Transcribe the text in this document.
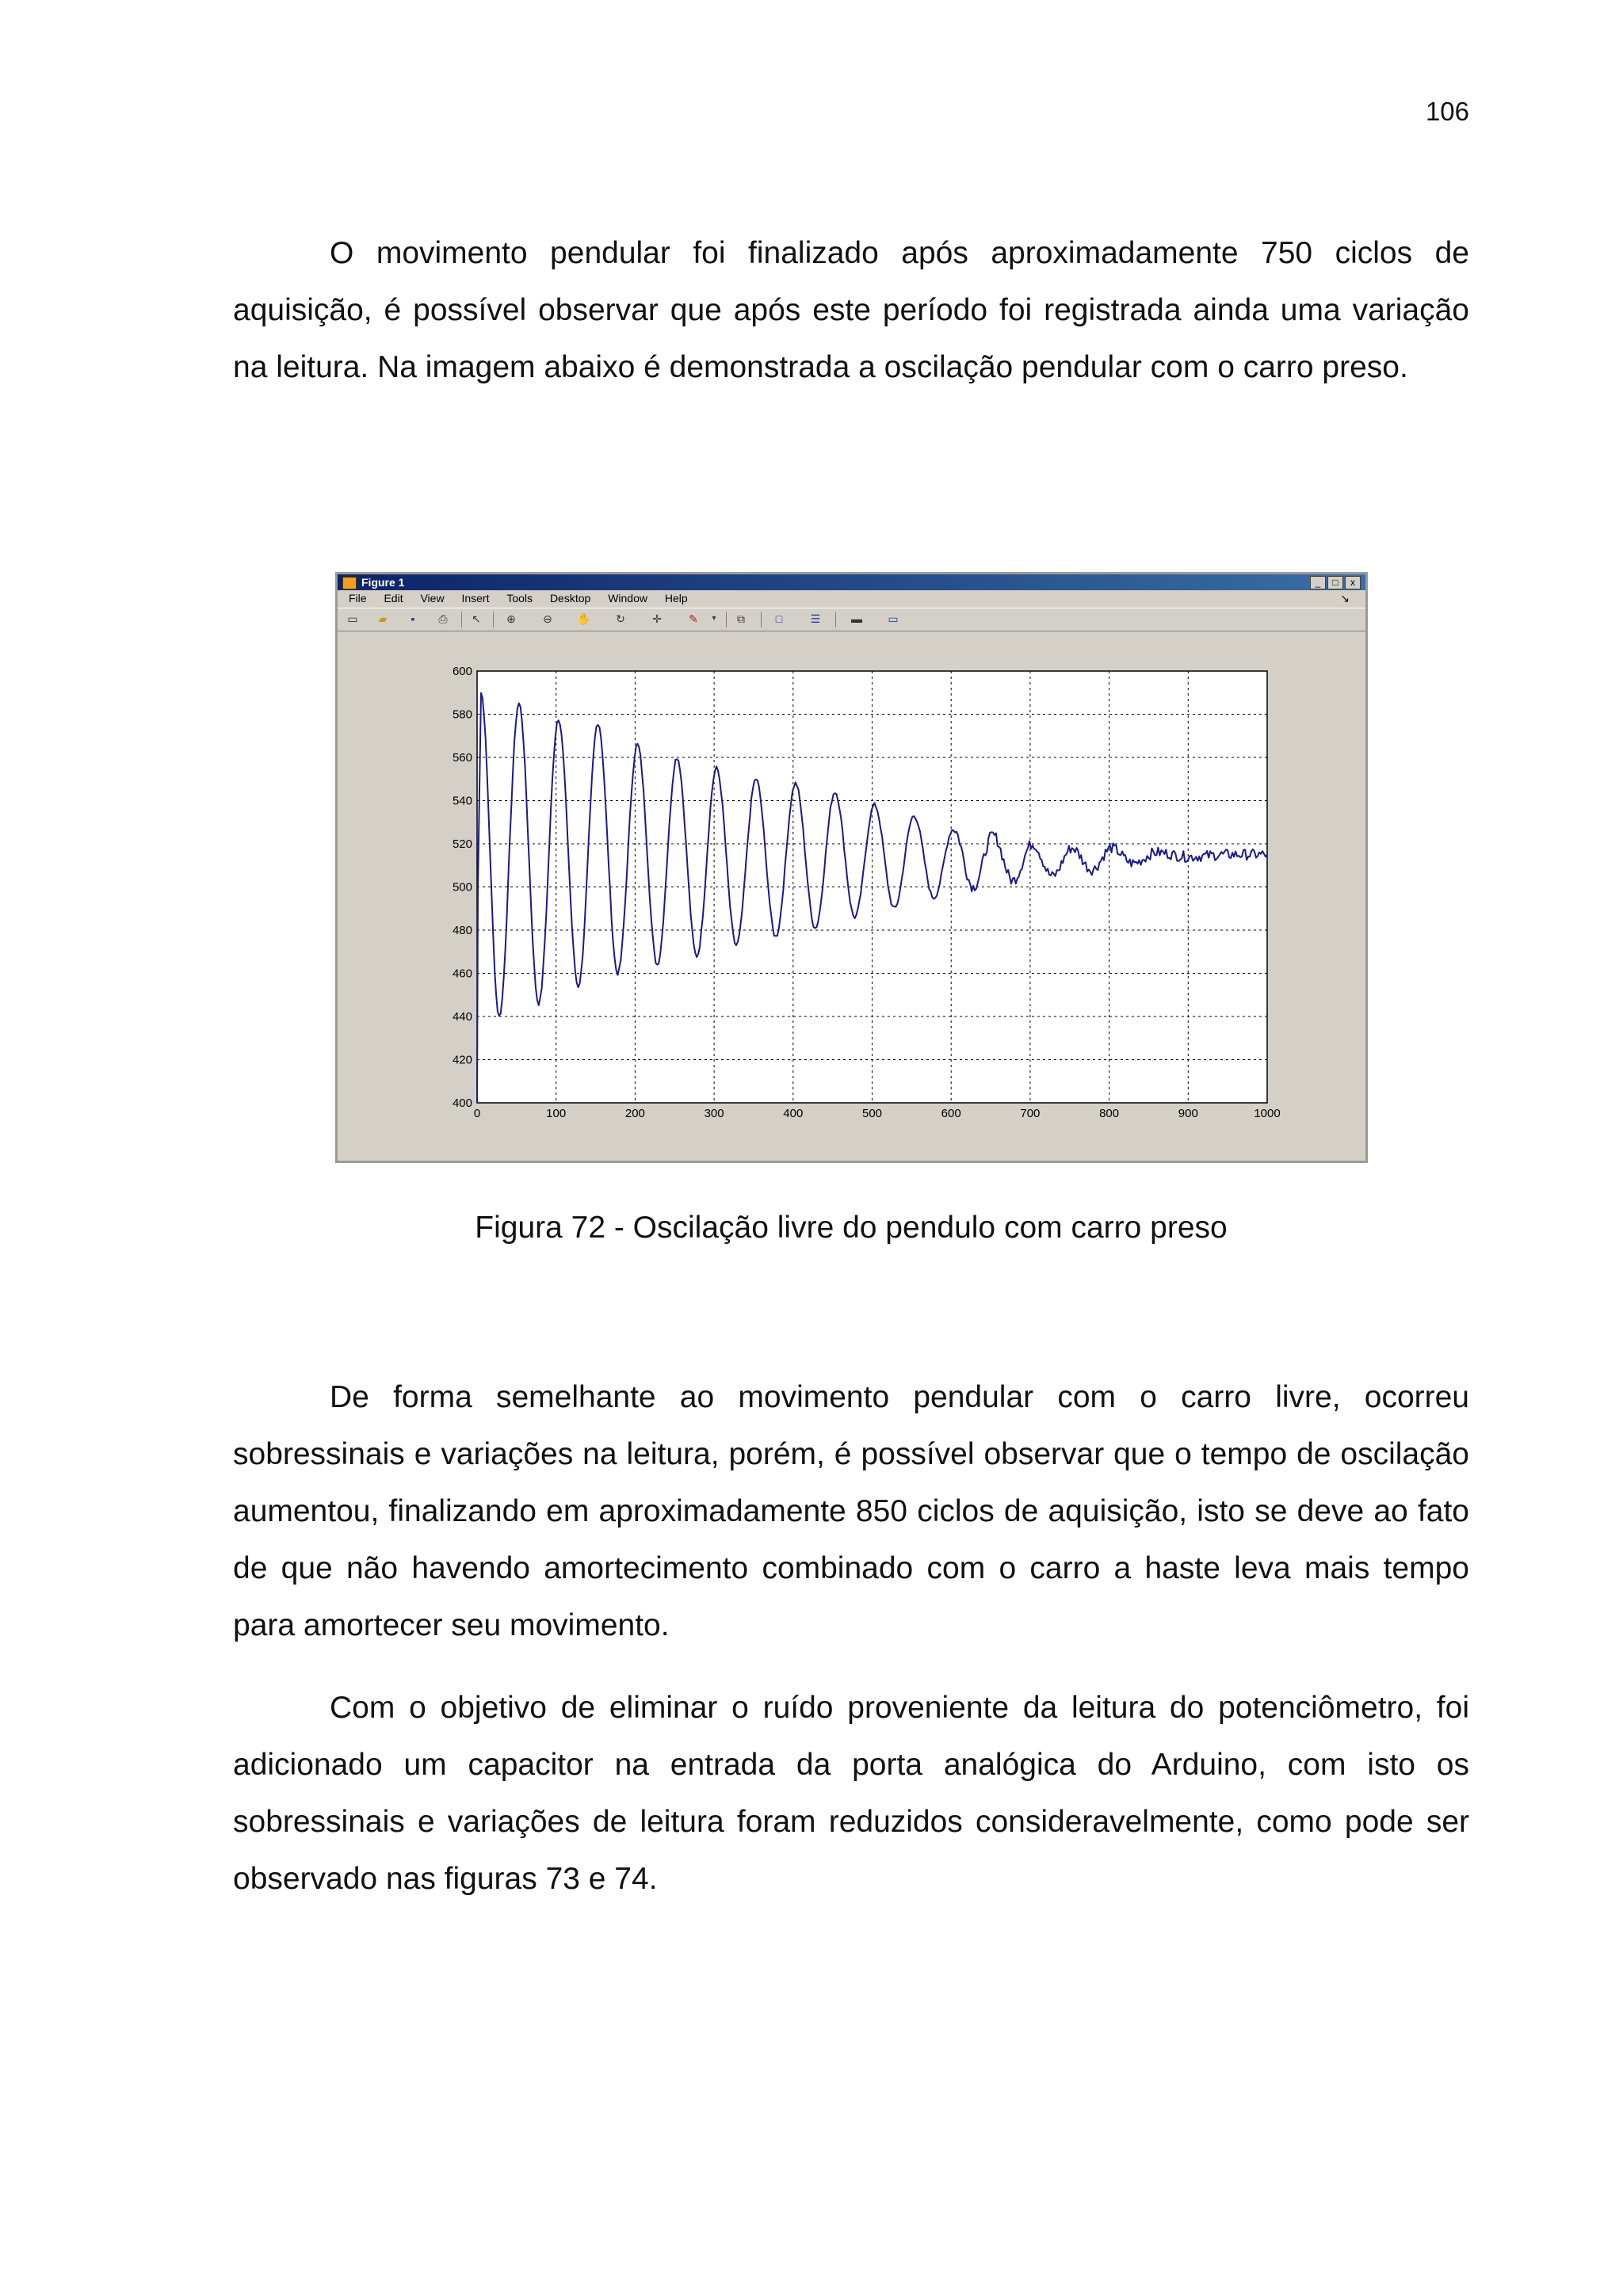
106

O movimento pendular foi finalizado após aproximadamente 750 ciclos de aquisição, é possível observar que após este período foi registrada ainda uma variação na leitura. Na imagem abaixo é demonstrada a oscilação pendular com o carro preso.

Figure 1	_	□	x
File Edit View Insert Tools Desktop Window Help	↘
▭ ▰	▪	⎙ ↖ ⊕ ⊖ ✋ ↻ ✛ ✎	▾	⧉	□	☰	▬ ▭
0	100	200	300	400	500	600	700	800	900	1000
400
420
440
460
480
500
520
540
560
580
600
Figura 72 - Oscilação livre do pendulo com carro preso

De forma semelhante ao movimento pendular com o carro livre, ocorreu sobressinais e variações na leitura, porém, é possível observar que o tempo de oscilação aumentou, finalizando em aproximadamente 850 ciclos de aquisição, isto se deve ao fato de que não havendo amortecimento combinado com o carro a haste leva mais tempo para amortecer seu movimento.

Com o objetivo de eliminar o ruído proveniente da leitura do potenciômetro, foi adicionado um capacitor na entrada da porta analógica do Arduino, com isto os sobressinais e variações de leitura foram reduzidos consideravelmente, como pode ser observado nas figuras 73 e 74.
